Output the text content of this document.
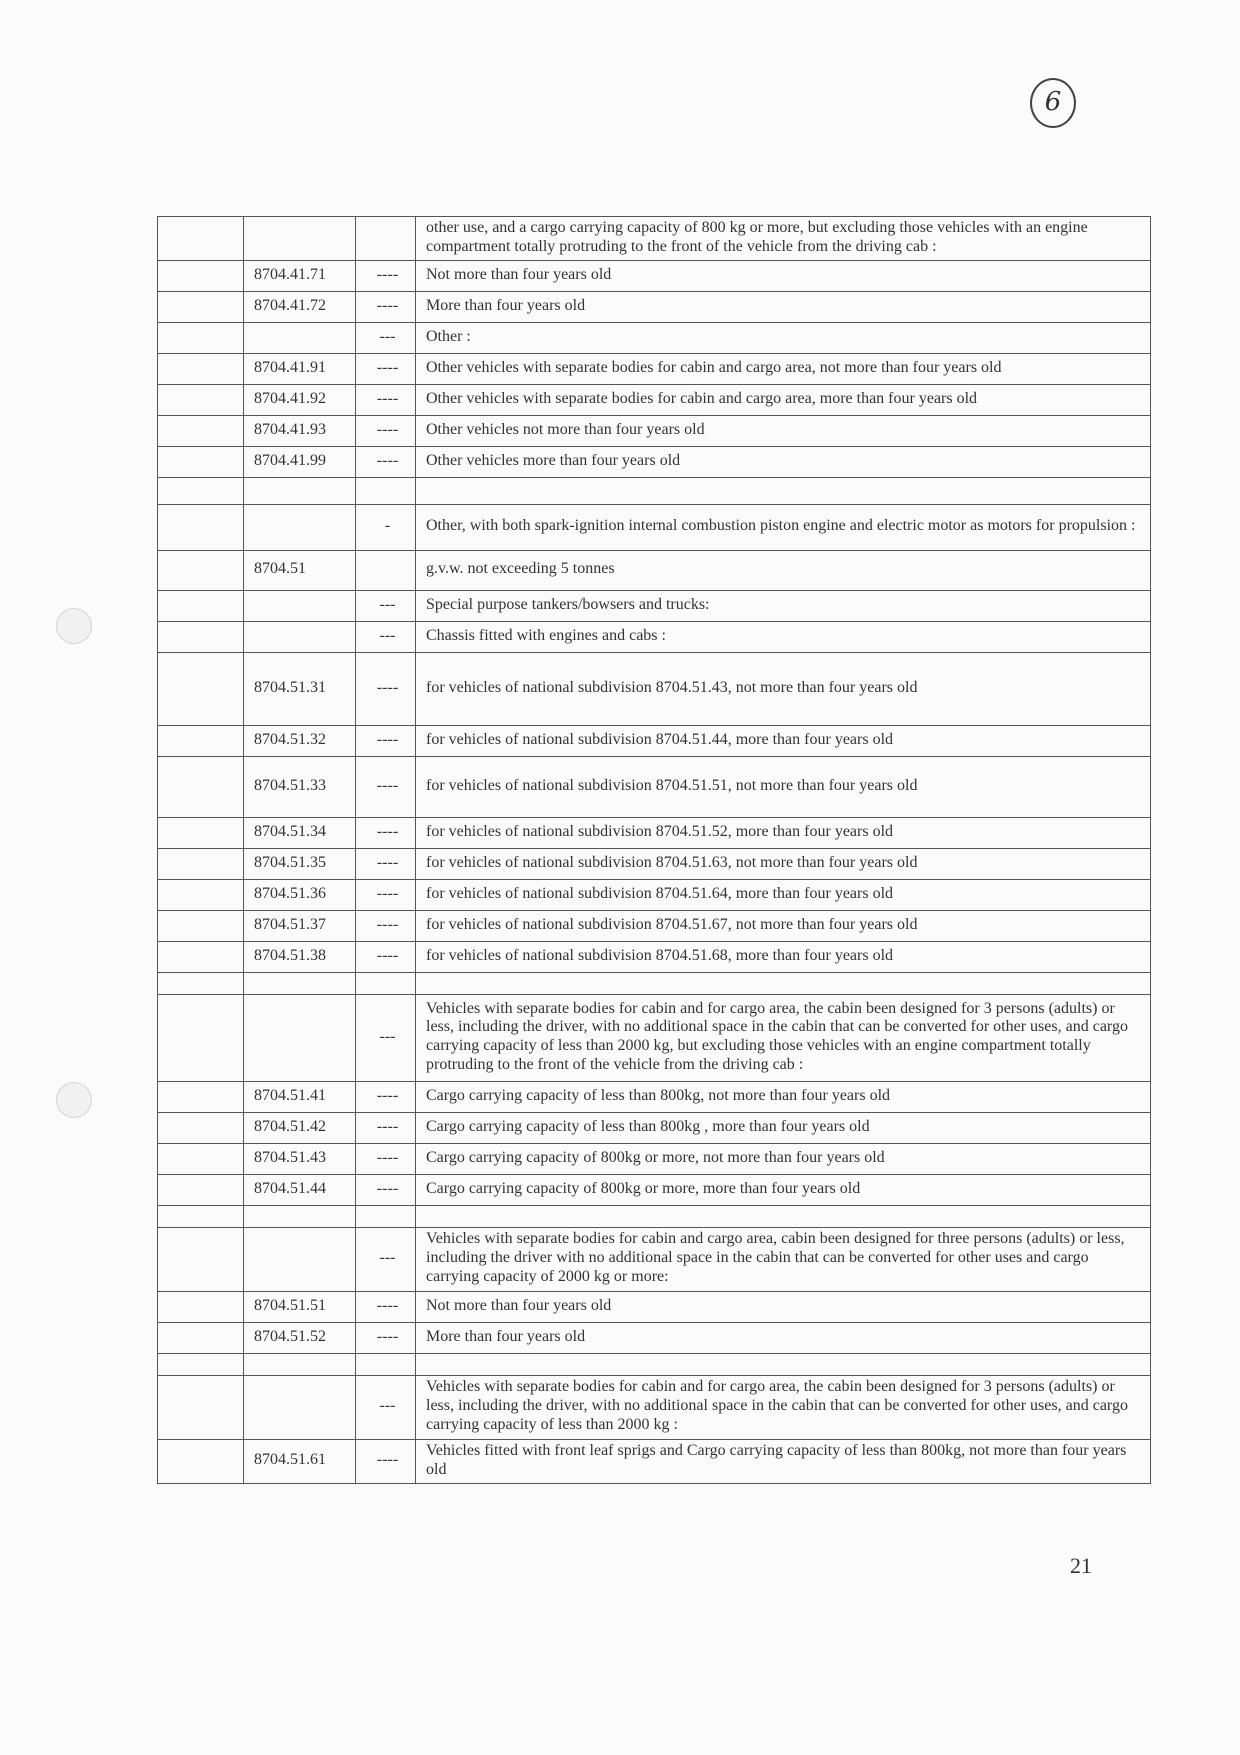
6
			other use, and a cargo carrying capacity of 800 kg or more, but excluding those vehicles with an engine compartment totally protruding to the front of the vehicle from the driving cab :
	8704.41.71	----	Not more than four years old
	8704.41.72	----	More than four years old
		---	Other :
	8704.41.91	----	Other vehicles with separate bodies for cabin and cargo area, not more than four years old
	8704.41.92	----	Other vehicles with separate bodies for cabin and cargo area, more than four years old
	8704.41.93	----	Other vehicles not more than four years old
	8704.41.99	----	Other vehicles more than four years old

		-	Other, with both spark-ignition internal combustion piston engine and electric motor as motors for propulsion :
	8704.51		g.v.w. not exceeding 5 tonnes
		---	Special purpose tankers/bowsers and trucks:
		---	Chassis fitted with engines and cabs :
	8704.51.31	----	for vehicles of national subdivision 8704.51.43, not more than four years old
	8704.51.32	----	for vehicles of national subdivision 8704.51.44, more than four years old
	8704.51.33	----	for vehicles of national subdivision 8704.51.51, not more than four years old
	8704.51.34	----	for vehicles of national subdivision 8704.51.52, more than four years old
	8704.51.35	----	for vehicles of national subdivision 8704.51.63, not more than four years old
	8704.51.36	----	for vehicles of national subdivision 8704.51.64, more than four years old
	8704.51.37	----	for vehicles of national subdivision 8704.51.67, not more than four years old
	8704.51.38	----	for vehicles of national subdivision 8704.51.68, more than four years old

		---	Vehicles with separate bodies for cabin and for cargo area, the cabin been designed for 3 persons (adults) or less, including the driver, with no additional space in the cabin that can be converted for other uses, and cargo carrying capacity of less than 2000 kg, but excluding those vehicles with an engine compartment totally protruding to the front of the vehicle from the driving cab :
	8704.51.41	----	Cargo carrying capacity of less than 800kg, not more than four years old
	8704.51.42	----	Cargo carrying capacity of less than 800kg , more than four years old
	8704.51.43	----	Cargo carrying capacity of 800kg or more, not more than four years old
	8704.51.44	----	Cargo carrying capacity of 800kg or more, more than four years old

		---	Vehicles with separate bodies for cabin and cargo area, cabin been designed for three persons (adults) or less, including the driver with no additional space in the cabin that can be converted for other uses and cargo carrying capacity of 2000 kg or more:
	8704.51.51	----	Not more than four years old
	8704.51.52	----	More than four years old

		---	Vehicles with separate bodies for cabin and for cargo area, the cabin been designed for 3 persons (adults) or less, including the driver, with no additional space in the cabin that can be converted for other uses, and cargo carrying capacity of less than 2000 kg :
	8704.51.61	----	Vehicles fitted with front leaf sprigs and Cargo carrying capacity of less than 800kg, not more than four years old
21
